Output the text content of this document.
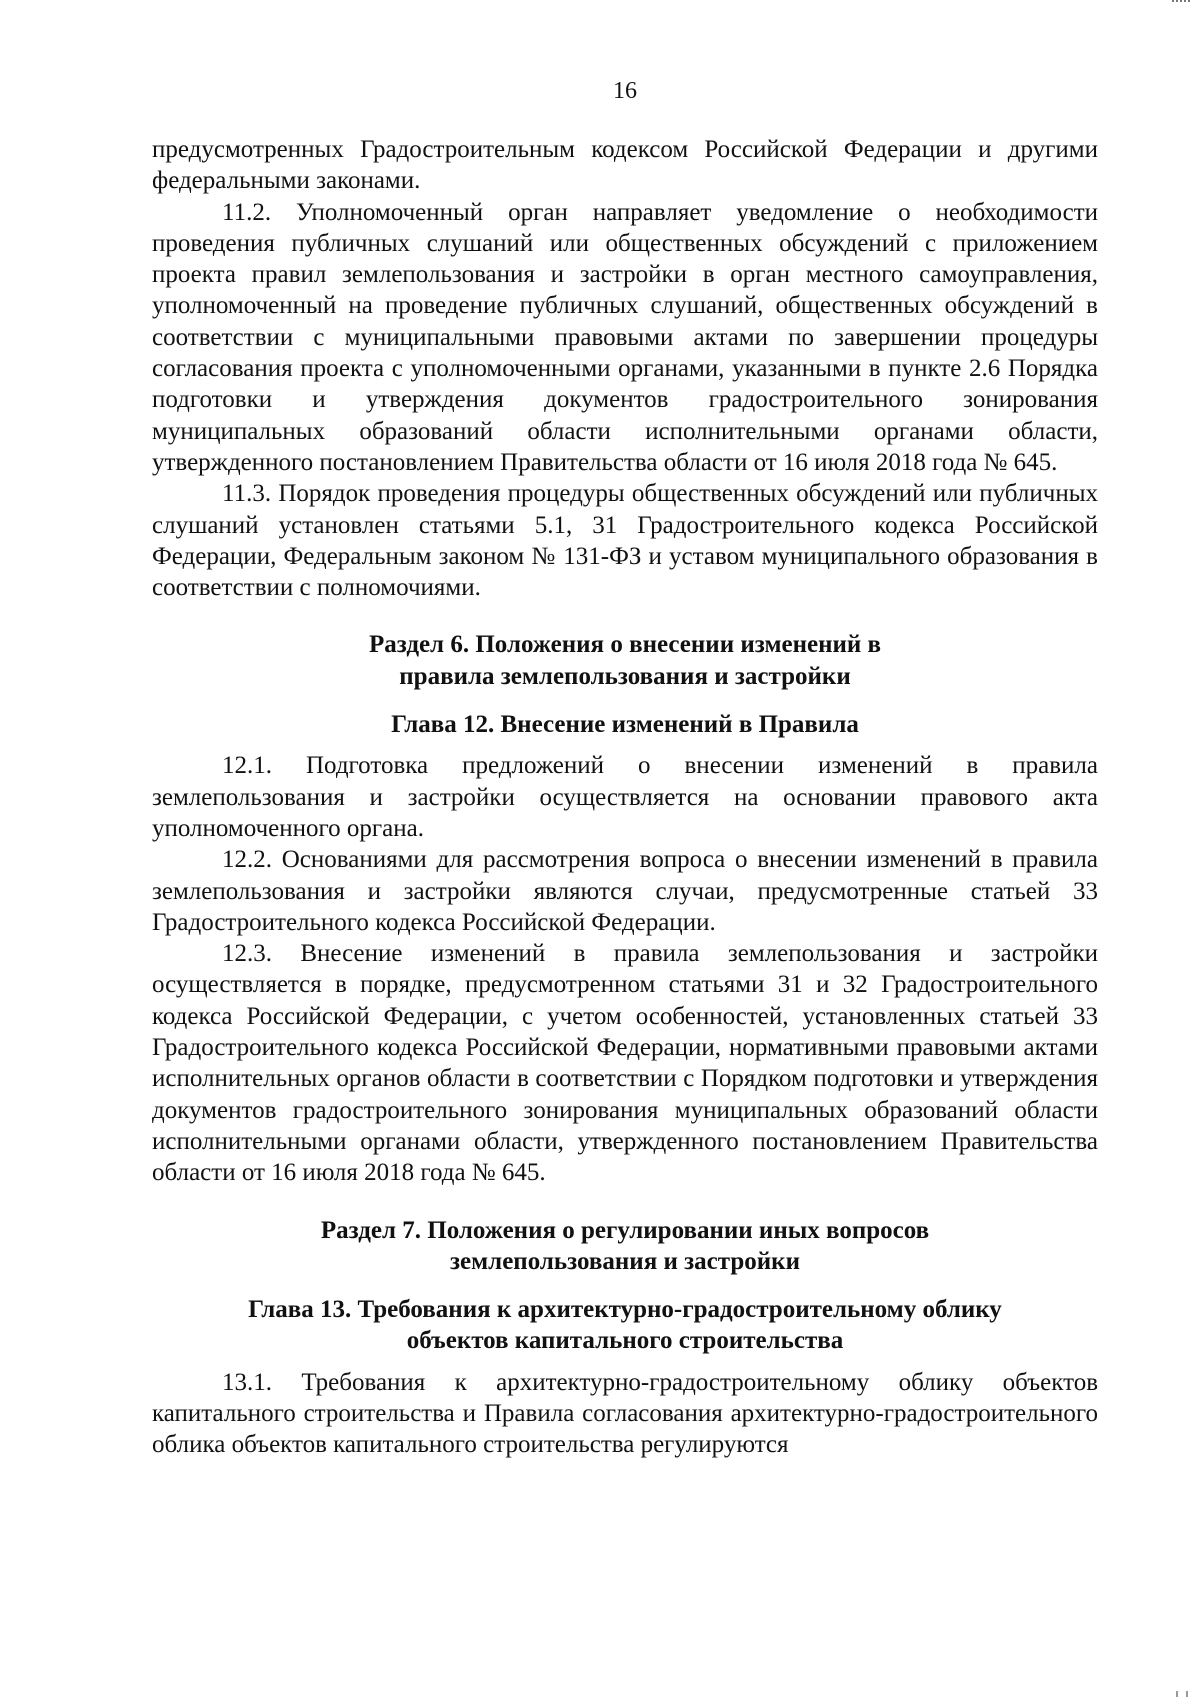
16

предусмотренных Градостроительным кодексом Российской Федерации и другими федеральными законами.

11.2. Уполномоченный орган направляет уведомление о необходимости проведения публичных слушаний или общественных обсуждений с приложением проекта правил землепользования и застройки в орган местного самоуправления, уполномоченный на проведение публичных слушаний, общественных обсуждений в соответствии с муниципальными правовыми актами по завершении процедуры согласования проекта с уполномоченными органами, указанными в пункте 2.6 Порядка подготовки и утверждения документов градостроительного зонирования муниципальных образований области исполнительными органами области, утвержденного постановлением Правительства области от 16 июля 2018 года № 645.

11.3. Порядок проведения процедуры общественных обсуждений или публичных слушаний установлен статьями 5.1, 31 Градостроительного кодекса Российской Федерации, Федеральным законом № 131-ФЗ и уставом муниципального образования в соответствии с полномочиями.

Раздел 6. Положения о внесении изменений в

правила землепользования и застройки

Глава 12. Внесение изменений в Правила

12.1. Подготовка предложений о внесении изменений в правила землепользования и застройки осуществляется на основании правового акта уполномоченного органа.

12.2. Основаниями для рассмотрения вопроса о внесении изменений в правила землепользования и застройки являются случаи, предусмотренные статьей 33 Градостроительного кодекса Российской Федерации.

12.3. Внесение изменений в правила землепользования и застройки осуществляется в порядке, предусмотренном статьями 31 и 32 Градостроительного кодекса Российской Федерации, с учетом особенностей, установленных статьей 33 Градостроительного кодекса Российской Федерации, нормативными правовыми актами исполнительных органов области в соответствии с Порядком подготовки и утверждения документов градостроительного зонирования муниципальных образований области исполнительными органами области, утвержденного постановлением Правительства области от 16 июля 2018 года № 645.

Раздел 7. Положения о регулировании иных вопросов

землепользования и застройки

Глава 13. Требования к архитектурно-градостроительному облику

объектов капитального строительства

13.1. Требования к архитектурно-градостроительному облику объектов капитального строительства и Правила согласования архитектурно-градостроительного облика объектов капитального строительства регулируются
